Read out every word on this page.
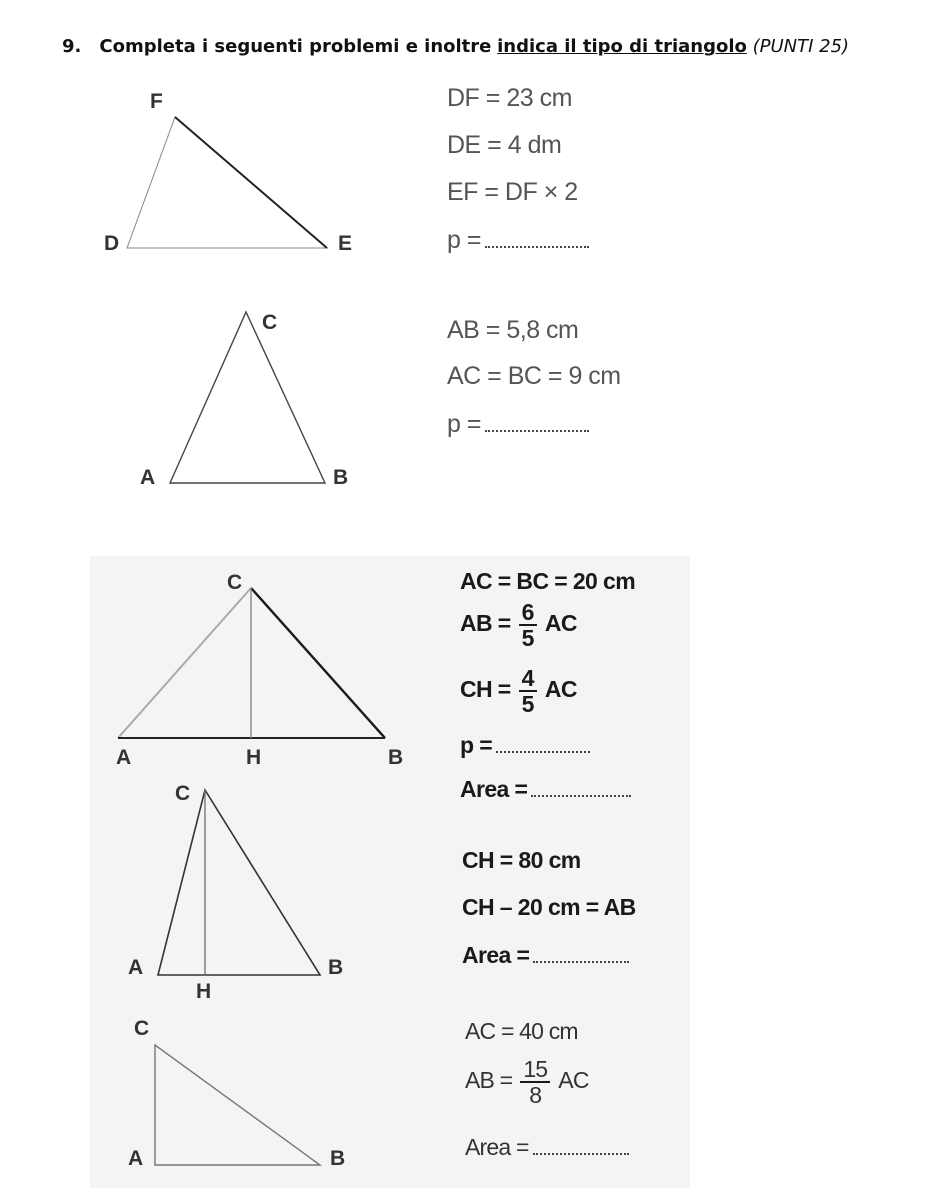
9. Completa i seguenti problemi e inoltre indica il tipo di triangolo (PUNTI 25)
D	E
F
A	B
C
A	H	B
C
A
H
B
C
A	B
C
DF = 23 cm
DE = 4 dm
EF = DF × 2
p =
AB = 5,8 cm
AC = BC = 9 cm
p =
AC = BC = 20 cm
AB = $\frac{6}{5}$ AC
CH = $\frac{4}{5}$ AC
p =
Area =
CH = 80 cm
CH – 20 cm = AB
Area =
AC = 40 cm
AB = $\frac{15}{8}$ AC
Area =
